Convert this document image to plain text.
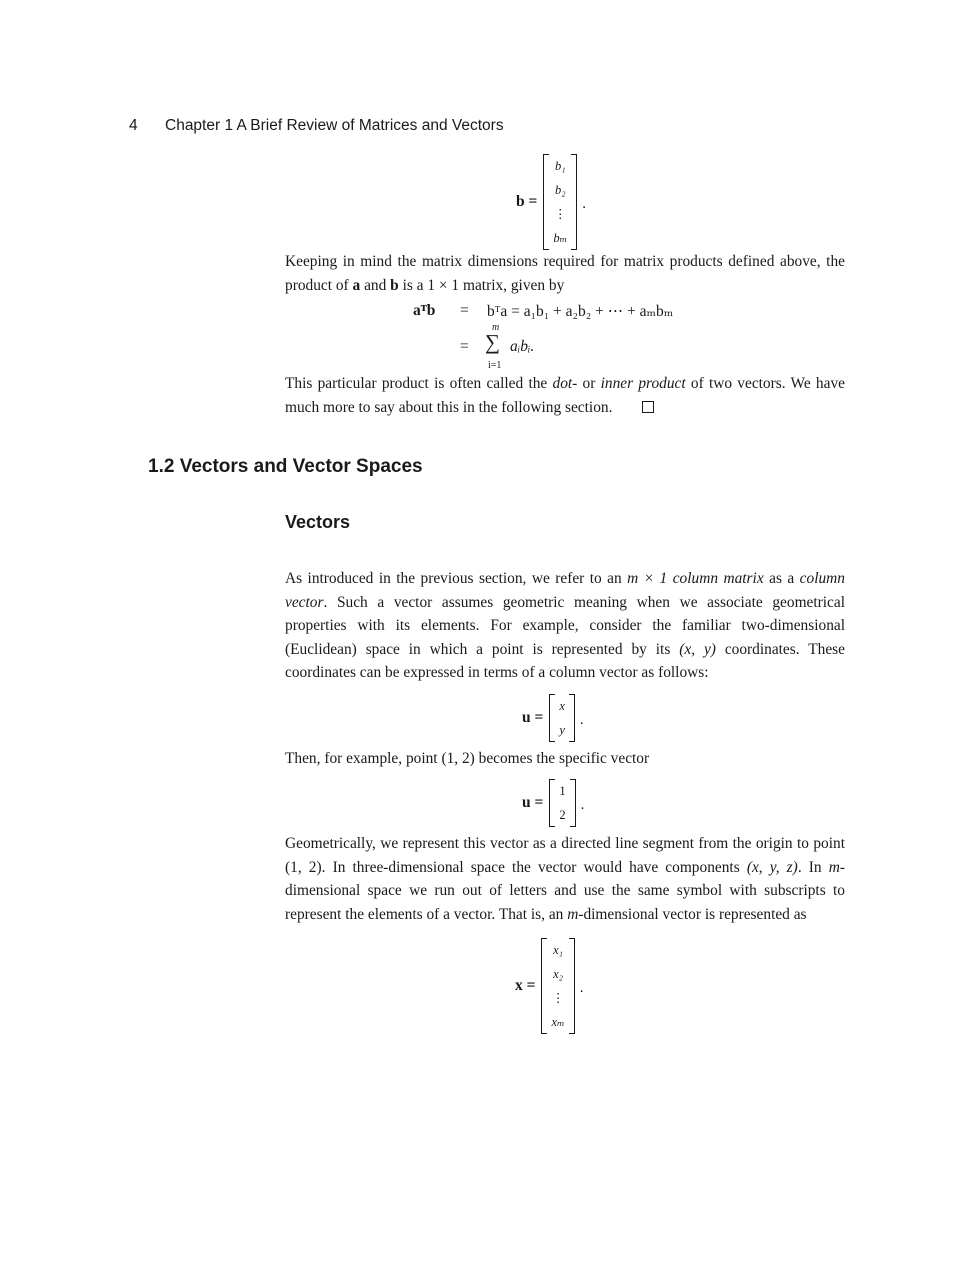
4 Chapter 1 A Brief Review of Matrices and Vectors
b =
b₁
b₂
⋮
bₘ
.
Keeping in mind the matrix dimensions required for matrix products defined above, the product of a and b is a 1 × 1 matrix, given by
aᵀb = bᵀa = a₁b₁ + a₂b₂ + ⋯ + aₘbₘ
=
m
∑
i=1
aᵢbᵢ.
This particular product is often called the dot- or inner product of two vectors. We have much more to say about this in the following section.
1.2 Vectors and Vector Spaces
Vectors
As introduced in the previous section, we refer to an m × 1 column matrix as a column vector. Such a vector assumes geometric meaning when we associate geometrical properties with its elements. For example, consider the familiar two-dimensional (Euclidean) space in which a point is represented by its (x, y) coordinates. These coordinates can be expressed in terms of a column vector as follows:
u =
x
y
.
Then, for example, point (1, 2) becomes the specific vector
u =
1
2
.
Geometrically, we represent this vector as a directed line segment from the origin to point (1, 2). In three-dimensional space the vector would have components (x, y, z). In m-dimensional space we run out of letters and use the same symbol with subscripts to represent the elements of a vector. That is, an m-dimensional vector is represented as
x =
x₁
x₂
⋮
xₘ
.
